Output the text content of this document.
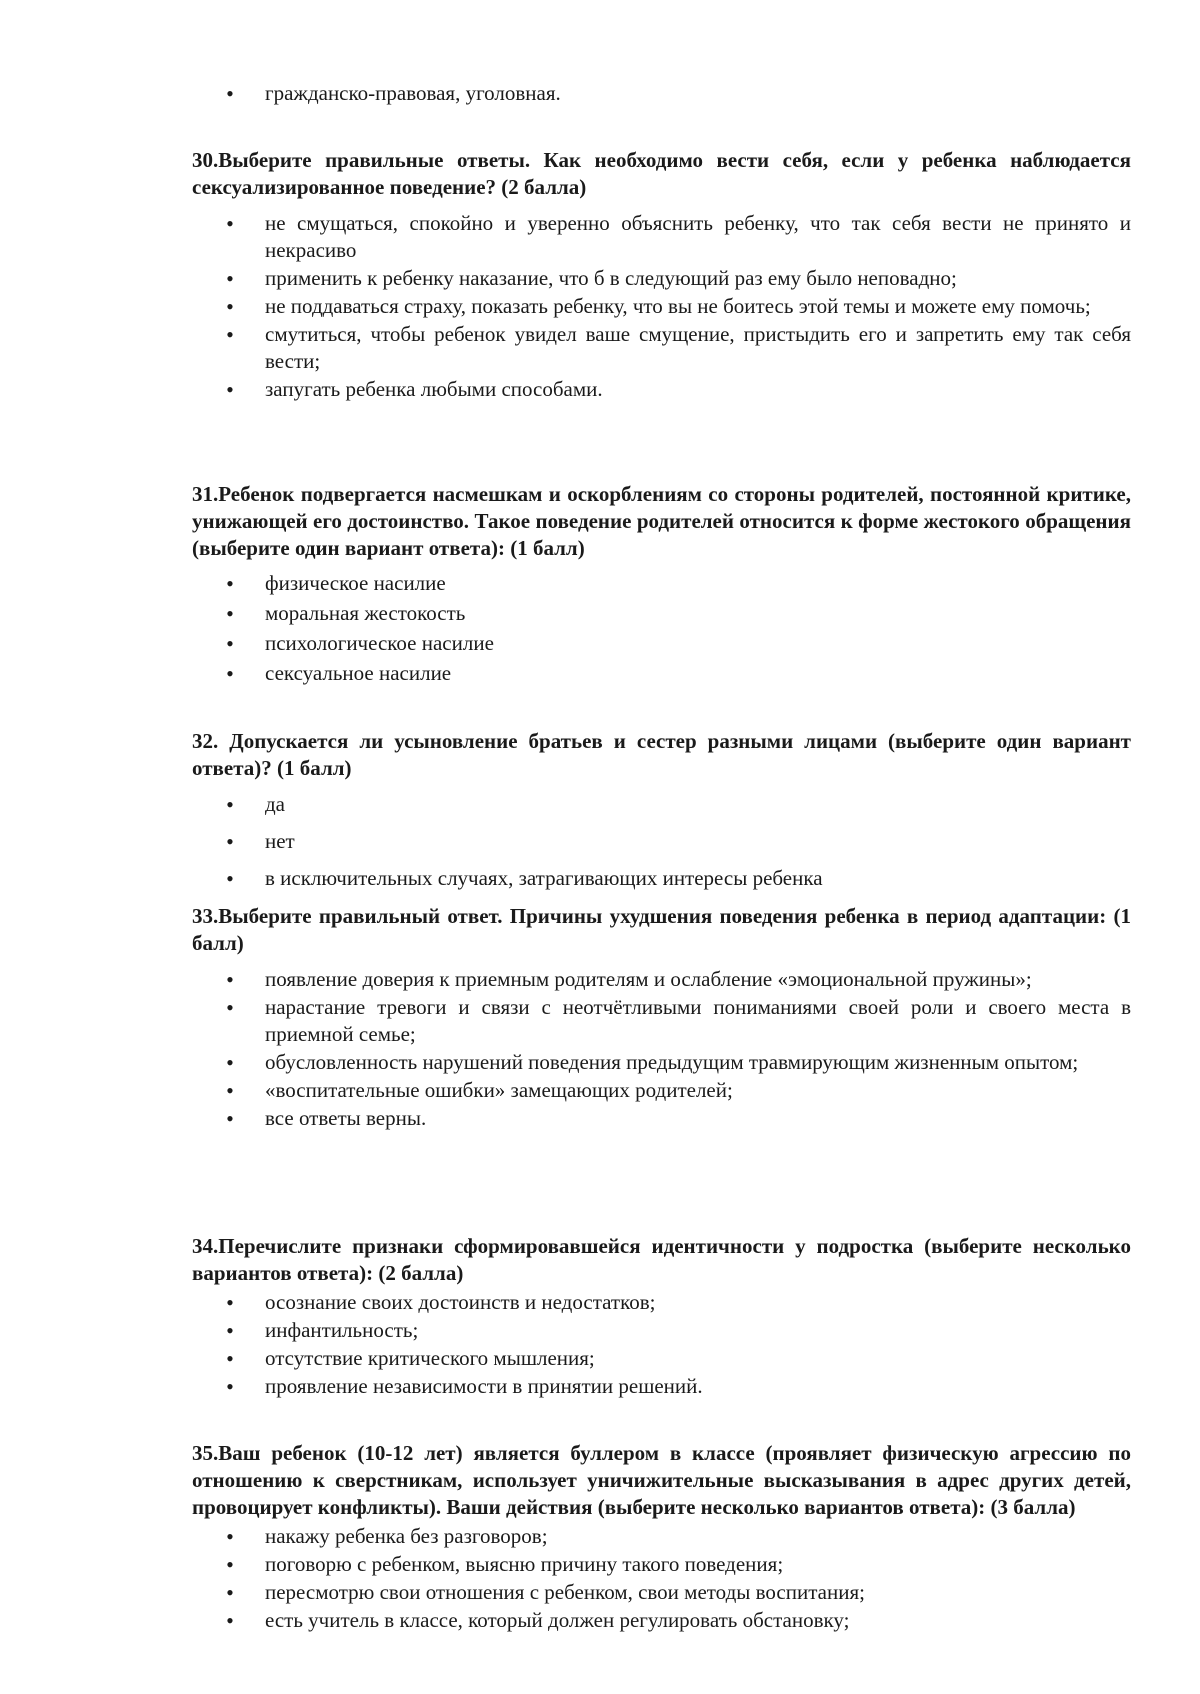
• гражданско-правовая, уголовная.

30.Выберите правильные ответы. Как необходимо вести себя, если у ребенка наблюдается сексуализированное поведение? (2 балла)

• не смущаться, спокойно и уверенно объяснить ребенку, что так себя вести не принято и некрасиво
• применить к ребенку наказание, что б в следующий раз ему было неповадно;
• не поддаваться страху, показать ребенку, что вы не боитесь этой темы и можете ему помочь;
• смутиться, чтобы ребенок увидел ваше смущение, пристыдить его и запретить ему так себя вести;
• запугать ребенка любыми способами.

31.Ребенок подвергается насмешкам и оскорблениям со стороны родителей, постоянной критике, унижающей его достоинство. Такое поведение родителей относится к форме жестокого обращения (выберите один вариант ответа): (1 балл)

• физическое насилие
• моральная жестокость
• психологическое насилие
• сексуальное насилие

32. Допускается ли усыновление братьев и сестер разными лицами (выберите один вариант ответа)? (1 балл)

• да
• нет
• в исключительных случаях, затрагивающих интересы ребенка

33.Выберите правильный ответ. Причины ухудшения поведения ребенка в период адаптации: (1 балл)

• появление доверия к приемным родителям и ослабление «эмоциональной пружины»;
• нарастание тревоги и связи с неотчётливыми пониманиями своей роли и своего места в приемной семье;
• обусловленность нарушений поведения предыдущим травмирующим жизненным опытом;
• «воспитательные ошибки» замещающих родителей;
• все ответы верны.

34.Перечислите признаки сформировавшейся идентичности у подростка (выберите несколько вариантов ответа): (2 балла)

• осознание своих достоинств и недостатков;
• инфантильность;
• отсутствие критического мышления;
• проявление независимости в принятии решений.

35.Ваш ребенок (10-12 лет) является буллером в классе (проявляет физическую агрессию по отношению к сверстникам, использует уничижительные высказывания в адрес других детей, провоцирует конфликты). Ваши действия (выберите несколько вариантов ответа): (3 балла)

• накажу ребенка без разговоров;
• поговорю с ребенком, выясню причину такого поведения;
• пересмотрю свои отношения с ребенком, свои методы воспитания;
• есть учитель в классе, который должен регулировать обстановку;
